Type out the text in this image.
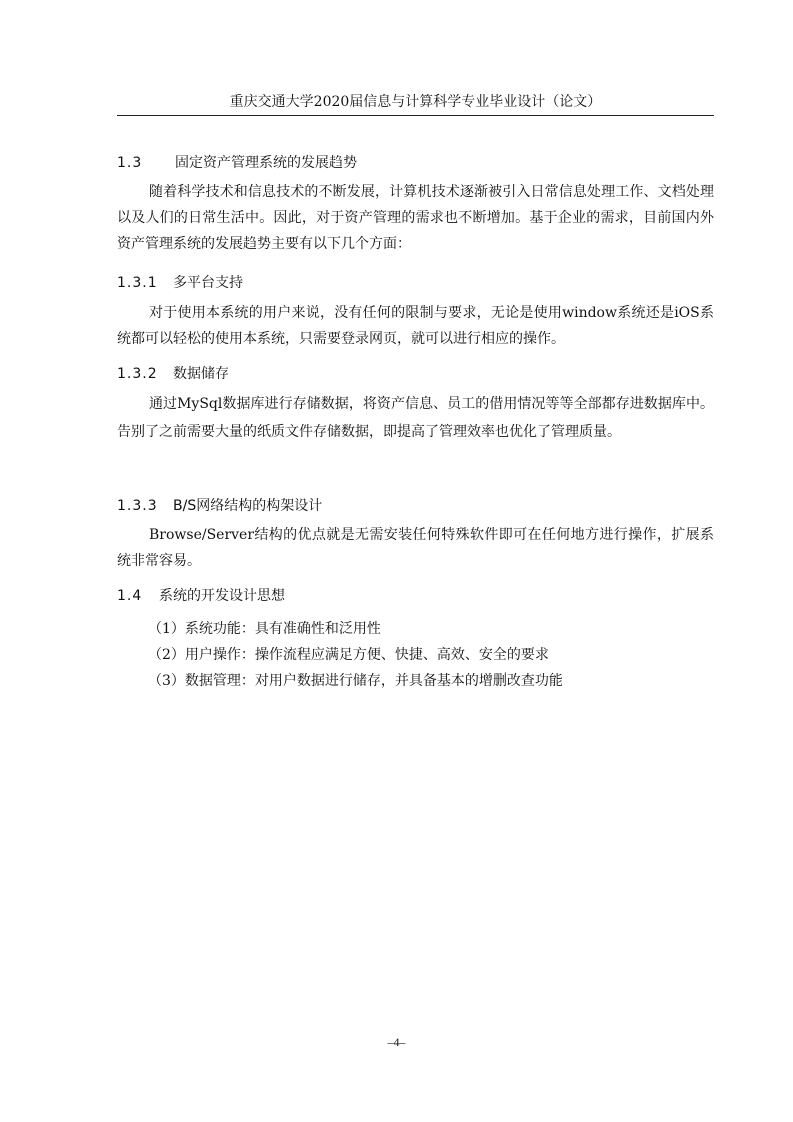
重庆交通大学2020届信息与计算科学专业毕业设计（论文）
1.3 固定资产管理系统的发展趋势

随着科学技术和信息技术的不断发展，计算机技术逐渐被引入日常信息处理工作、文档处理以及人们的日常生活中。因此，对于资产管理的需求也不断增加。基于企业的需求，目前国内外资产管理系统的发展趋势主要有以下几个方面：

1.3.1 多平台支持

对于使用本系统的用户来说，没有任何的限制与要求，无论是使用window系统还是iOS系统都可以轻松的使用本系统，只需要登录网页，就可以进行相应的操作。

1.3.2 数据储存

通过MySql数据库进行存储数据，将资产信息、员工的借用情况等等全部都存进数据库中。告别了之前需要大量的纸质文件存储数据，即提高了管理效率也优化了管理质量。

1.3.3 B/S网络结构的构架设计

Browse/Server结构的优点就是无需安装任何特殊软件即可在任何地方进行操作，扩展系统非常容易。

1.4 系统的开发设计思想
（1）系统功能：具有准确性和泛用性
（2）用户操作：操作流程应满足方便、快捷、高效、安全的要求
（3）数据管理：对用户数据进行储存，并具备基本的增删改查功能
–4–
